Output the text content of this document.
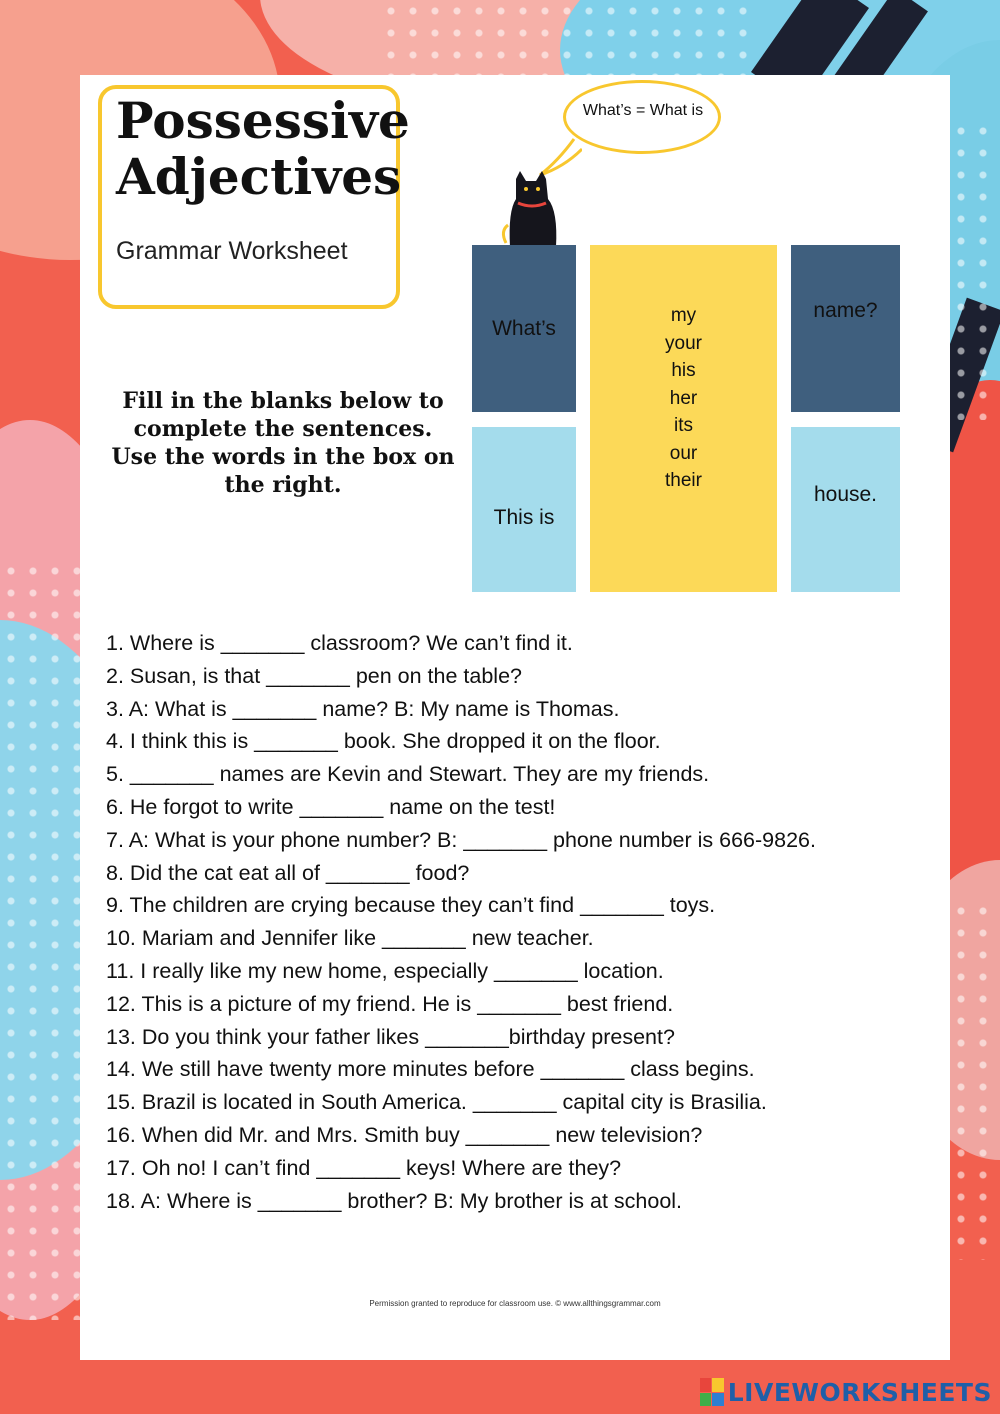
Possessive Adjectives
Grammar Worksheet
Fill in the blanks below to complete the sentences. Use the words in the box on the right.
What’s = What is
What’s
This is
my
your
his
her
its
our
their
name?
house.
1. Where is _______ classroom? We can’t find it.
2. Susan, is that _______ pen on the table?
3. A: What is _______ name? B: My name is Thomas.
4. I think this is _______ book. She dropped it on the floor.
5. _______ names are Kevin and Stewart. They are my friends.
6. He forgot to write _______ name on the test!
7. A: What is your phone number? B: _______ phone number is 666-9826.
8. Did the cat eat all of _______ food?
9. The children are crying because they can’t find _______ toys.
10. Mariam and Jennifer like _______ new teacher.
11. I really like my new home, especially _______ location.
12. This is a picture of my friend. He is _______ best friend.
13. Do you think your father likes _______birthday present?
14. We still have twenty more minutes before _______ class begins.
15. Brazil is located in South America. _______ capital city is Brasilia.
16. When did Mr. and Mrs. Smith buy _______ new television?
17. Oh no! I can’t find _______ keys! Where are they?
18. A: Where is _______ brother? B: My brother is at school.
Permission granted to reproduce for classroom use. © www.allthingsgrammar.com
LIVEWORKSHEETS
